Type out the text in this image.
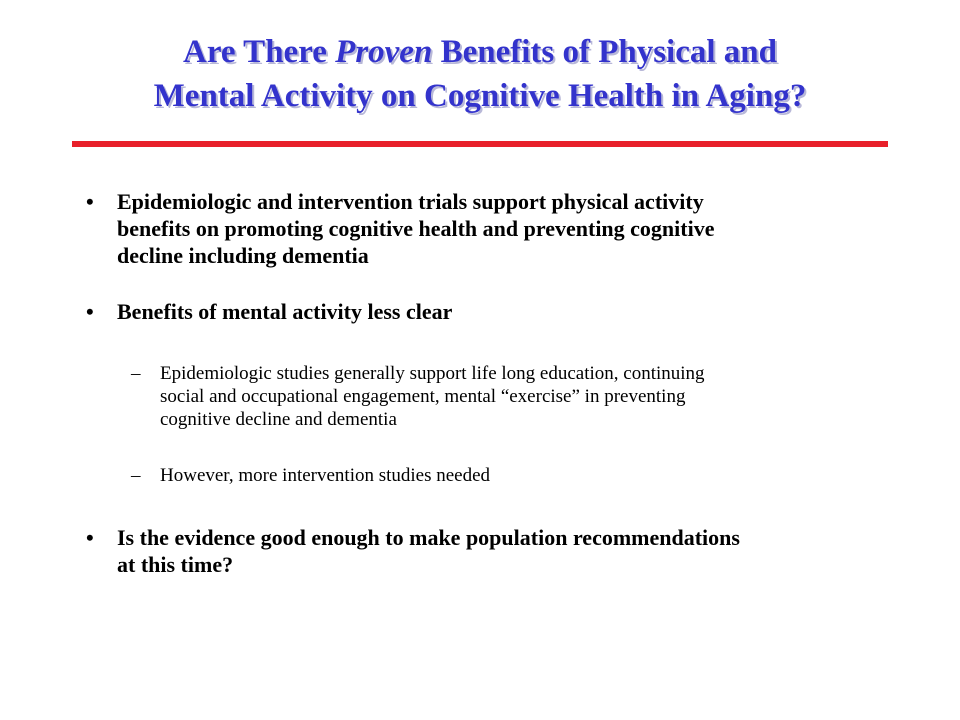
Are There Proven Benefits of Physical and
Mental Activity on Cognitive Health in Aging?
• Epidemiologic and intervention trials support physical activity
benefits on promoting cognitive health and preventing cognitive
decline including dementia
• Benefits of mental activity less clear
– Epidemiologic studies generally support life long education, continuing
social and occupational engagement, mental “exercise” in preventing
cognitive decline and dementia
– However, more intervention studies needed
• Is the evidence good enough to make population recommendations
at this time?
